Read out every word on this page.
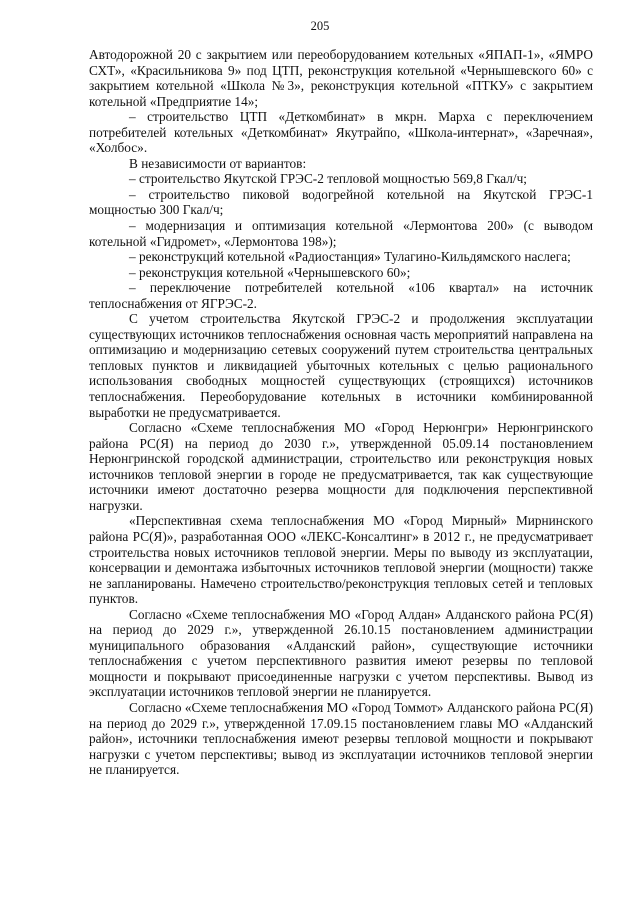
205

Автодорожной 20 с закрытием или переоборудованием котельных «ЯПАП-1», «ЯМРО СХТ», «Красильникова 9» под ЦТП, реконструкция котельной «Чернышевского 60» с закрытием котельной «Школа №3», реконструкция котельной «ПТКУ» с закрытием котельной «Предприятие 14»;

– строительство ЦТП «Деткомбинат» в мкрн. Марха с переключением потребителей котельных «Деткомбинат» Якутрайпо, «Школа-интернат», «Заречная», «Холбос».

В независимости от вариантов:

– строительство Якутской ГРЭС-2 тепловой мощностью 569,8 Гкал/ч;

– строительство пиковой водогрейной котельной на Якутской ГРЭС-1 мощностью 300 Гкал/ч;

– модернизация и оптимизация котельной «Лермонтова 200» (с выводом котельной «Гидромет», «Лермонтова 198»);

– реконструкций котельной «Радиостанция» Тулагино-Кильдямского наслега;

– реконструкция котельной «Чернышевского 60»;

– переключение потребителей котельной «106 квартал» на источник теплоснабжения от ЯГРЭС-2.

С учетом строительства Якутской ГРЭС-2 и продолжения эксплуатации существующих источников теплоснабжения основная часть мероприятий направлена на оптимизацию и модернизацию сетевых сооружений путем строительства центральных тепловых пунктов и ликвидацией убыточных котельных с целью рационального использования свободных мощностей существующих (строящихся) источников теплоснабжения. Переоборудование котельных в источники комбинированной выработки не предусматривается.

Согласно «Схеме теплоснабжения МО «Город Нерюнгри» Нерюнгринского района РС(Я) на период до 2030 г.», утвержденной 05.09.14 постановлением Нерюнгринской городской администрации, строительство или реконструкция новых источников тепловой энергии в городе не предусматривается, так как существующие источники имеют достаточно резерва мощности для подключения перспективной нагрузки.

«Перспективная схема теплоснабжения МО «Город Мирный» Мирнинского района РС(Я)», разработанная ООО «ЛЕКС-Консалтинг» в 2012 г., не предусматривает строительства новых источников тепловой энергии. Меры по выводу из эксплуатации, консервации и демонтажа избыточных источников тепловой энергии (мощности) также не запланированы. Намечено строительство/реконструкция тепловых сетей и тепловых пунктов.

Согласно «Схеме теплоснабжения МО «Город Алдан» Алданского района РС(Я) на период до 2029 г.», утвержденной 26.10.15 постановлением администрации муниципального образования «Алданский район», существующие источники теплоснабжения с учетом перспективного развития имеют резервы по тепловой мощности и покрывают присоединенные нагрузки с учетом перспективы. Вывод из эксплуатации источников тепловой энергии не планируется.

Согласно «Схеме теплоснабжения МО «Город Томмот» Алданского района РС(Я) на период до 2029 г.», утвержденной 17.09.15 постановлением главы МО «Алданский район», источники теплоснабжения имеют резервы тепловой мощности и покрывают нагрузки с учетом перспективы; вывод из эксплуатации источников тепловой энергии не планируется.
